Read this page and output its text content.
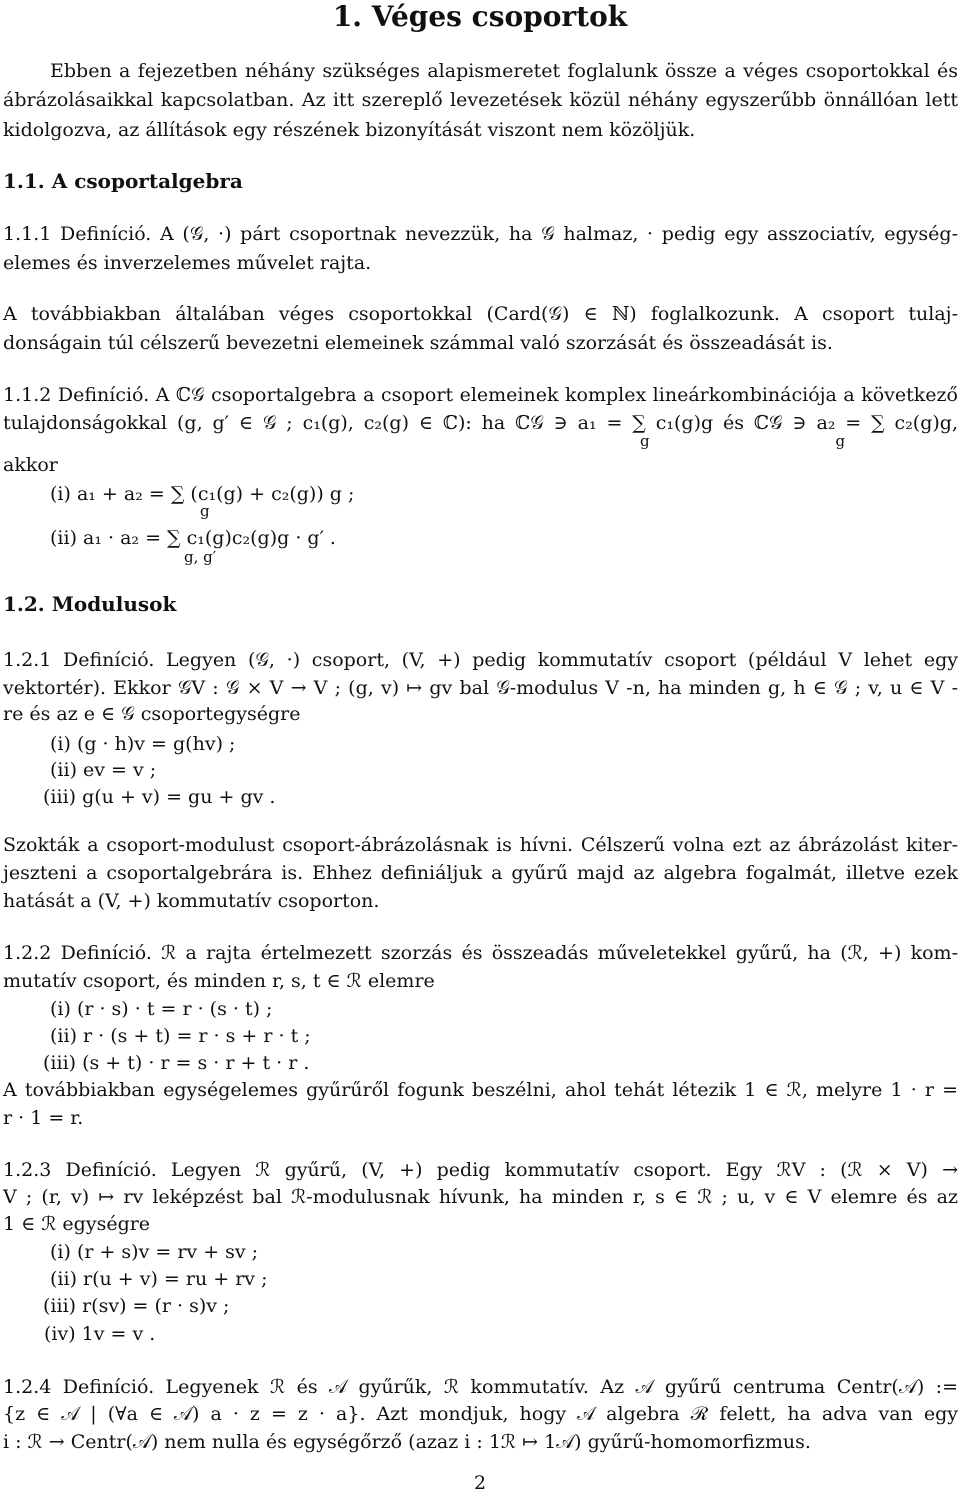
1. Véges csoportok
Ebben a fejezetben néhány szükséges alapismeretet foglalunk össze a véges csoportokkal és
ábrázolásaikkal kapcsolatban. Az itt szereplő levezetések közül néhány egyszerűbb önnállóan lett
kidolgozva, az állítások egy részének bizonyítását viszont nem közöljük.
1.1. A csoportalgebra
1.1.1 Definíció. A (𝒢, ·) párt csoportnak nevezzük, ha 𝒢 halmaz, · pedig egy asszociatív, egység-
elemes és inverzelemes művelet rajta.
A továbbiakban általában véges csoportokkal (Card(𝒢) ∈ ℕ) foglalkozunk. A csoport tulaj-
donságain túl célszerű bevezetni elemeinek számmal való szorzását és összeadását is.
1.1.2 Definíció. A ℂ𝒢 csoportalgebra a csoport elemeinek komplex lineárkombinációja a következő
tulajdonságokkal (g, g′ ∈ 𝒢 ; c₁(g), c₂(g) ∈ ℂ): ha ℂ𝒢 ∋ a₁ = ∑ c₁(g)g és ℂ𝒢 ∋ a₂ = ∑ c₂(g)g,
g                                       g
akkor
(i) a₁ + a₂ = ∑ (c₁(g) + c₂(g)) g ;
g
(ii) a₁ · a₂ = ∑ c₁(g)c₂(g)g · g′ .
g, g′
1.2. Modulusok
1.2.1 Definíció. Legyen (𝒢, ·) csoport, (V, +) pedig kommutatív csoport (például V lehet egy
vektortér). Ekkor 𝒢V : 𝒢 × V → V ; (g, v) ↦ gv bal 𝒢-modulus V -n, ha minden g, h ∈ 𝒢 ; v, u ∈ V -
re és az e ∈ 𝒢 csoportegységre
(i) (g · h)v = g(hv) ;
(ii) ev = v ;
(iii) g(u + v) = gu + gv .
Szokták a csoport-modulust csoport-ábrázolásnak is hívni. Célszerű volna ezt az ábrázolást kiter-
jeszteni a csoportalgebrára is. Ehhez definiáljuk a gyűrű majd az algebra fogalmát, illetve ezek
hatását a (V, +) kommutatív csoporton.
1.2.2 Definíció. ℛ a rajta értelmezett szorzás és összeadás műveletekkel gyűrű, ha (ℛ, +) kom-
mutatív csoport, és minden r, s, t ∈ ℛ elemre
(i) (r · s) · t = r · (s · t) ;
(ii) r · (s + t) = r · s + r · t ;
(iii) (s + t) · r = s · r + t · r .
A továbbiakban egységelemes gyűrűről fogunk beszélni, ahol tehát létezik 1 ∈ ℛ, melyre 1 · r =
r · 1 = r.
1.2.3 Definíció. Legyen ℛ gyűrű, (V, +) pedig kommutatív csoport. Egy ℛV : (ℛ × V) →
V ; (r, v) ↦ rv leképzést bal ℛ-modulusnak hívunk, ha minden r, s ∈ ℛ ; u, v ∈ V elemre és az
1 ∈ ℛ egységre
(i) (r + s)v = rv + sv ;
(ii) r(u + v) = ru + rv ;
(iii) r(sv) = (r · s)v ;
(iv) 1v = v .
1.2.4 Definíció. Legyenek ℛ és 𝒜 gyűrűk, ℛ kommutatív. Az 𝒜 gyűrű centruma Centr(𝒜) :=
{z ∈ 𝒜 | (∀a ∈ 𝒜) a · z = z · a}. Azt mondjuk, hogy 𝒜 algebra ℛ felett, ha adva van egy
i : ℛ → Centr(𝒜) nem nulla és egységőrző (azaz i : 1ℛ ↦ 1𝒜) gyűrű-homomorfizmus.
2
